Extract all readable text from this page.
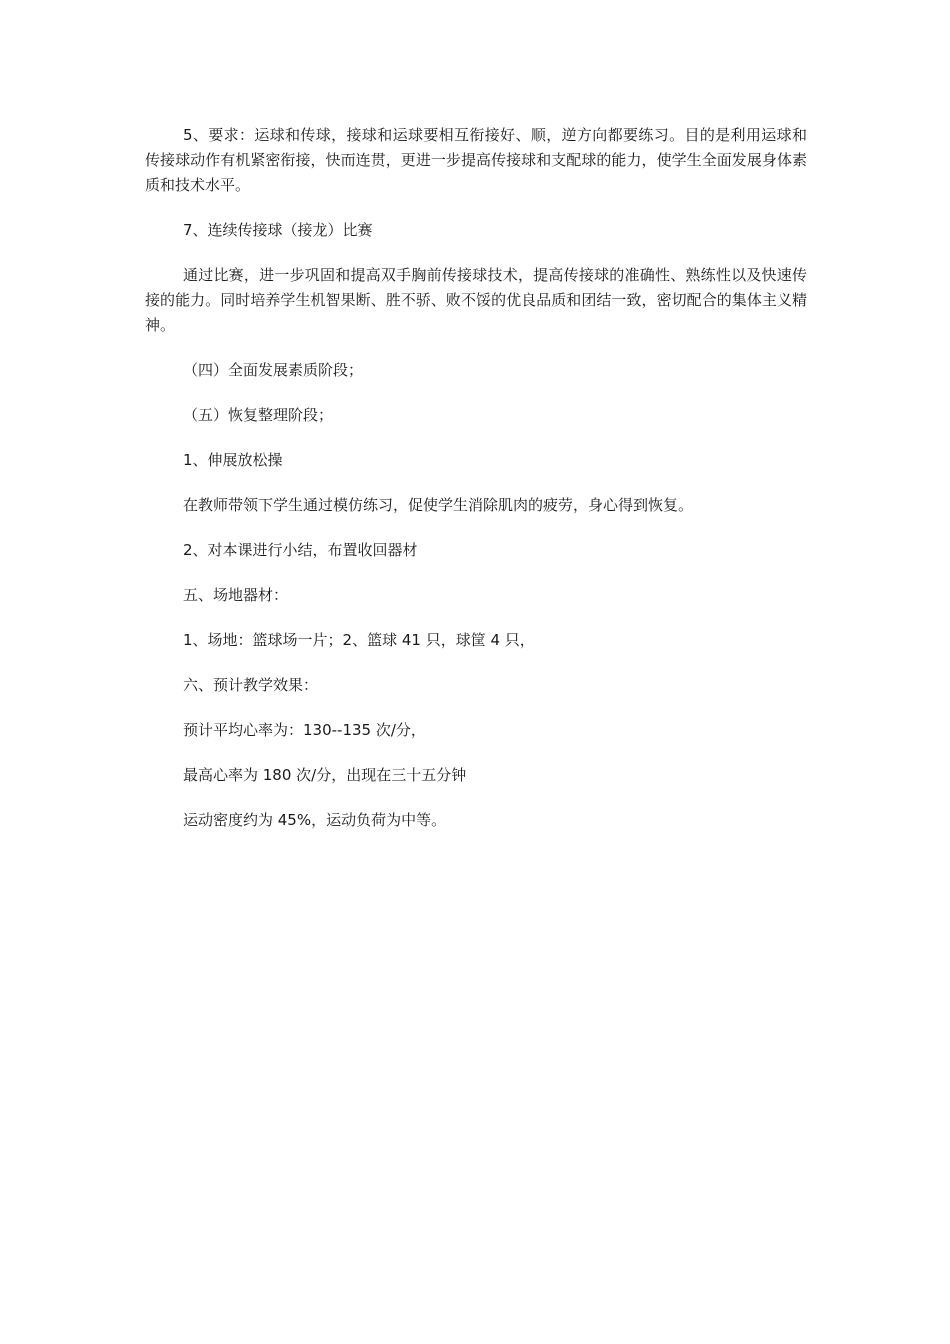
5、要求：运球和传球，接球和运球要相互衔接好、顺，逆方向都要练习。目的是利用运球和传接球动作有机紧密衔接，快而连贯，更进一步提高传接球和支配球的能力，使学生全面发展身体素质和技术水平。

7、连续传接球（接龙）比赛

通过比赛，进一步巩固和提高双手胸前传接球技术，提高传接球的准确性、熟练性以及快速传接的能力。同时培养学生机智果断、胜不骄、败不馁的优良品质和团结一致，密切配合的集体主义精神。

（四）全面发展素质阶段；

（五）恢复整理阶段；

1、伸展放松操

在教师带领下学生通过模仿练习，促使学生消除肌肉的疲劳，身心得到恢复。

2、对本课进行小结，布置收回器材

五、场地器材：

1、场地：篮球场一片；2、篮球 41 只，球筐 4 只，

六、预计教学效果：

预计平均心率为：130--135 次/分，

最高心率为 180 次/分，出现在三十五分钟

运动密度约为 45%，运动负荷为中等。
